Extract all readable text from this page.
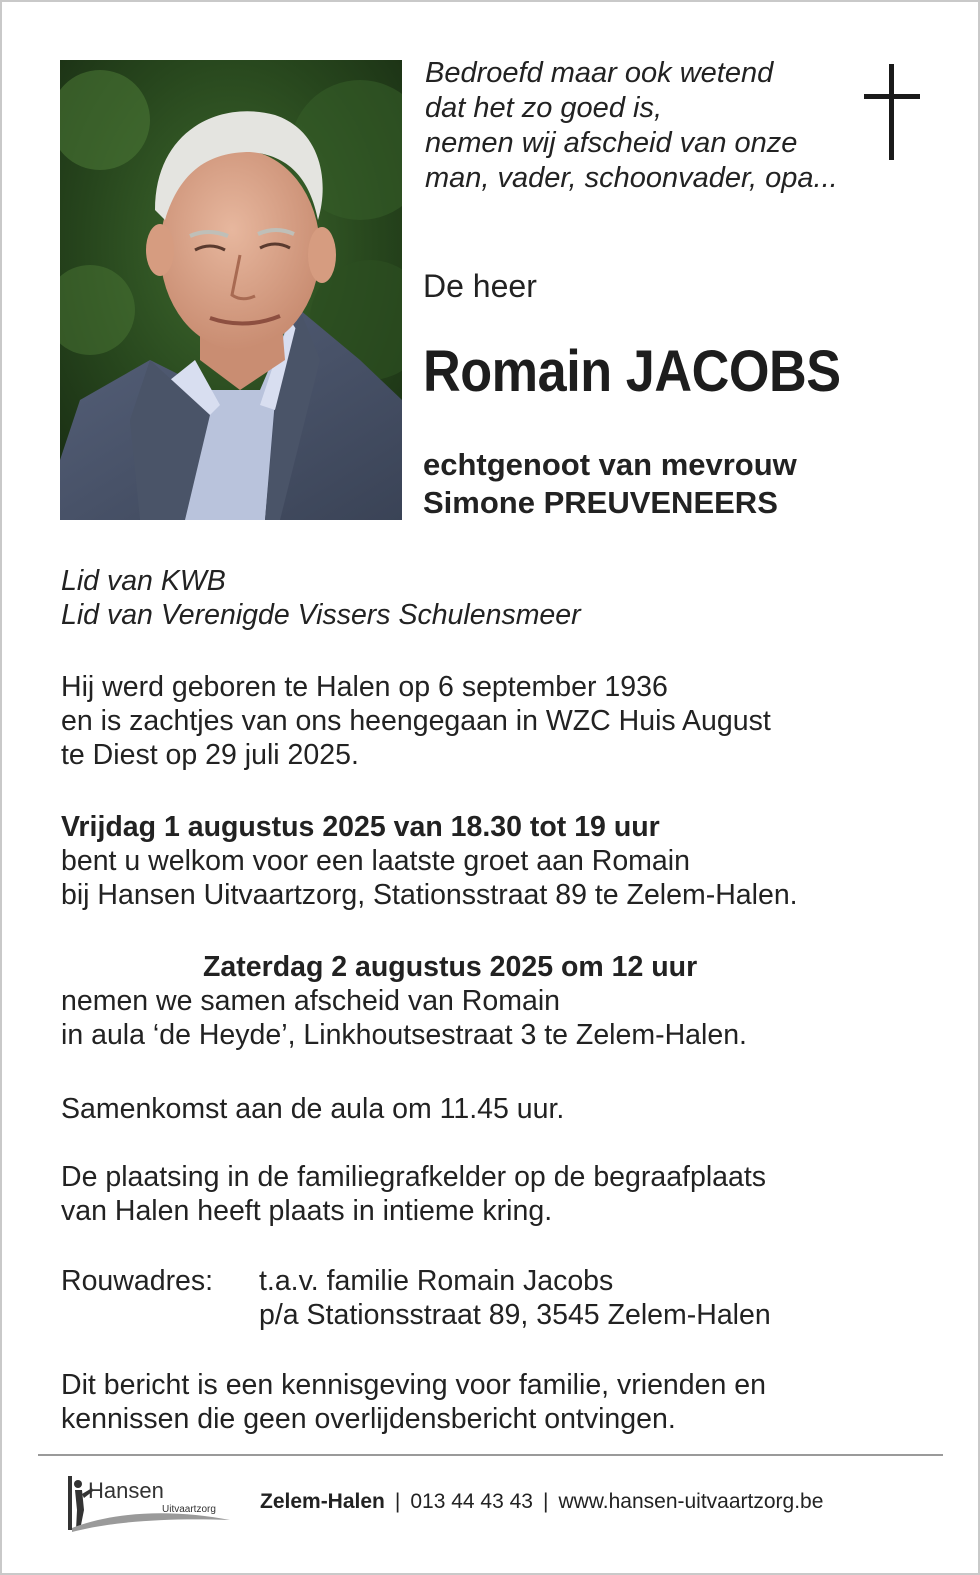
Bedroefd maar ook wetend
dat het zo goed is,
nemen wij afscheid van onze
man, vader, schoonvader, opa...
De heer
Romain JACOBS
echtgenoot van mevrouw
Simone PREUVENEERS
Lid van KWB
Lid van Verenigde Vissers Schulensmeer
Hij werd geboren te Halen op 6 september 1936
en is zachtjes van ons heengegaan in WZC Huis August
te Diest op 29 juli 2025.
Vrijdag 1 augustus 2025 van 18.30 tot 19 uur
bent u welkom voor een laatste groet aan Romain
bij Hansen Uitvaartzorg, Stationsstraat 89 te Zelem-Halen.
Zaterdag 2 augustus 2025 om 12 uur
nemen we samen afscheid van Romain
in aula ‘de Heyde’, Linkhoutsestraat 3 te Zelem-Halen.
Samenkomst aan de aula om 11.45 uur.
De plaatsing in de familiegrafkelder op de begraafplaats
van Halen heeft plaats in intieme kring.
Rouwadres:	t.a.v. familie Romain Jacobs
p/a Stationsstraat 89, 3545 Zelem-Halen
Dit bericht is een kennisgeving voor familie, vrienden en
kennissen die geen overlijdensbericht ontvingen.
Hansen
Uitvaartzorg Zelem-Halen | 013 44 43 43 | www.hansen-uitvaartzorg.be
